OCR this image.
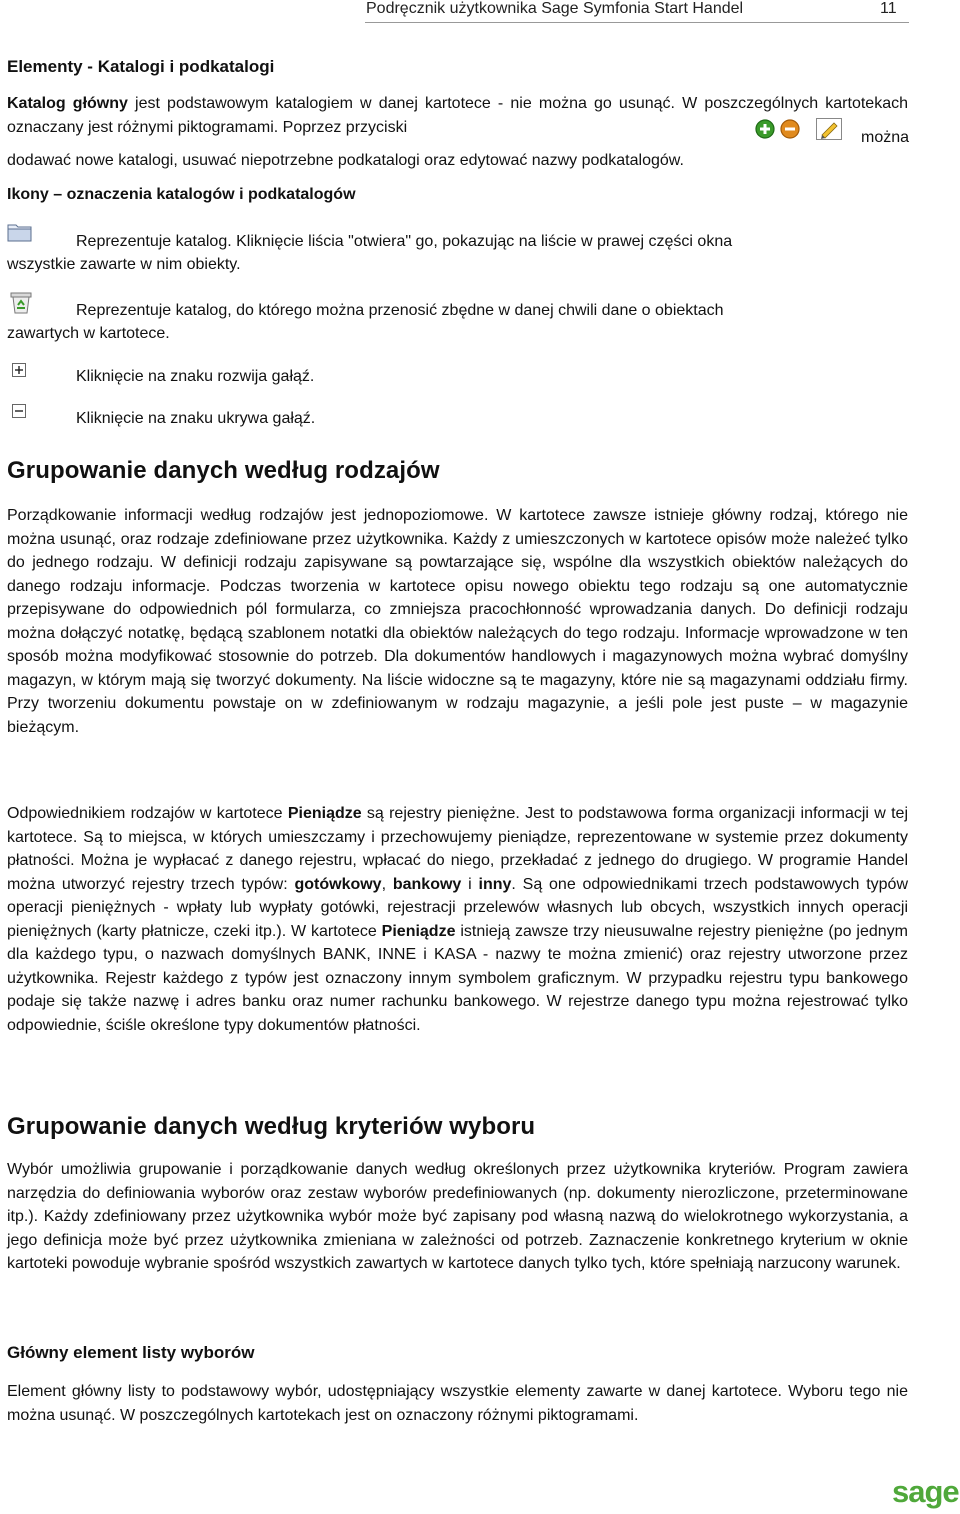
Podręcznik użytkownika Sage Symfonia Start Handel	11
Elementy - Katalogi i podkatalogi
Katalog główny jest podstawowym katalogiem w danej kartotece - nie można go usunąć. W poszczególnych kartotekach oznaczany jest różnymi piktogramami. Poprzez przyciski
można
dodawać nowe katalogi, usuwać niepotrzebne podkatalogi oraz edytować nazwy podkatalogów.
Ikony – oznaczenia katalogów i podkatalogów
Reprezentuje katalog. Kliknięcie liścia "otwiera" go, pokazując na liście w prawej części okna
wszystkie zawarte w nim obiekty.
Reprezentuje katalog, do którego można przenosić zbędne w danej chwili dane o obiektach
zawartych w kartotece.
Kliknięcie na znaku rozwija gałąź.
Kliknięcie na znaku ukrywa gałąź.
Grupowanie danych według rodzajów
Porządkowanie informacji według rodzajów jest jednopoziomowe. W kartotece zawsze istnieje główny rodzaj, którego nie można usunąć, oraz rodzaje zdefiniowane przez użytkownika. Każdy z umieszczonych w kartotece opisów może należeć tylko do jednego rodzaju. W definicji rodzaju zapisywane są powtarzające się, wspólne dla wszystkich obiektów należących do danego rodzaju informacje. Podczas tworzenia w kartotece opisu nowego obiektu tego rodzaju są one automatycznie przepisywane do odpowiednich pól formularza, co zmniejsza pracochłonność wprowadzania danych. Do definicji rodzaju można dołączyć notatkę, będącą szablonem notatki dla obiektów należących do tego rodzaju. Informacje wprowadzone w ten sposób można modyfikować stosownie do potrzeb. Dla dokumentów handlowych i magazynowych można wybrać domyślny magazyn, w którym mają się tworzyć dokumenty. Na liście widoczne są te magazyny, które nie są magazynami oddziału firmy. Przy tworzeniu dokumentu powstaje on w zdefiniowanym w rodzaju magazynie, a jeśli pole jest puste – w magazynie bieżącym.
Odpowiednikiem rodzajów w kartotece Pieniądze są rejestry pieniężne. Jest to podstawowa forma organizacji informacji w tej kartotece. Są to miejsca, w których umieszczamy i przechowujemy pieniądze, reprezentowane w systemie przez dokumenty płatności. Można je wypłacać z danego rejestru, wpłacać do niego, przekładać z jednego do drugiego. W programie Handel można utworzyć rejestry trzech typów: gotówkowy, bankowy i inny. Są one odpowiednikami trzech podstawowych typów operacji pieniężnych - wpłaty lub wypłaty gotówki, rejestracji przelewów własnych lub obcych, wszystkich innych operacji pieniężnych (karty płatnicze, czeki itp.). W kartotece Pieniądze istnieją zawsze trzy nieusuwalne rejestry pieniężne (po jednym dla każdego typu, o nazwach domyślnych BANK, INNE i KASA - nazwy te można zmienić) oraz rejestry utworzone przez użytkownika. Rejestr każdego z typów jest oznaczony innym symbolem graficznym. W przypadku rejestru typu bankowego podaje się także nazwę i adres banku oraz numer rachunku bankowego. W rejestrze danego typu można rejestrować tylko odpowiednie, ściśle określone typy dokumentów płatności.
Grupowanie danych według kryteriów wyboru
Wybór umożliwia grupowanie i porządkowanie danych według określonych przez użytkownika kryteriów. Program zawiera narzędzia do definiowania wyborów oraz zestaw wyborów predefiniowanych (np. dokumenty nierozliczone, przeterminowane itp.). Każdy zdefiniowany przez użytkownika wybór może być zapisany pod własną nazwą do wielokrotnego wykorzystania, a jego definicja może być przez użytkownika zmieniana w zależności od potrzeb. Zaznaczenie konkretnego kryterium w oknie kartoteki powoduje wybranie spośród wszystkich zawartych w kartotece danych tylko tych, które spełniają narzucony warunek.
Główny element listy wyborów
Element główny listy to podstawowy wybór, udostępniający wszystkie elementy zawarte w danej kartotece. Wyboru tego nie można usunąć. W poszczególnych kartotekach jest on oznaczony różnymi piktogramami.
sage
